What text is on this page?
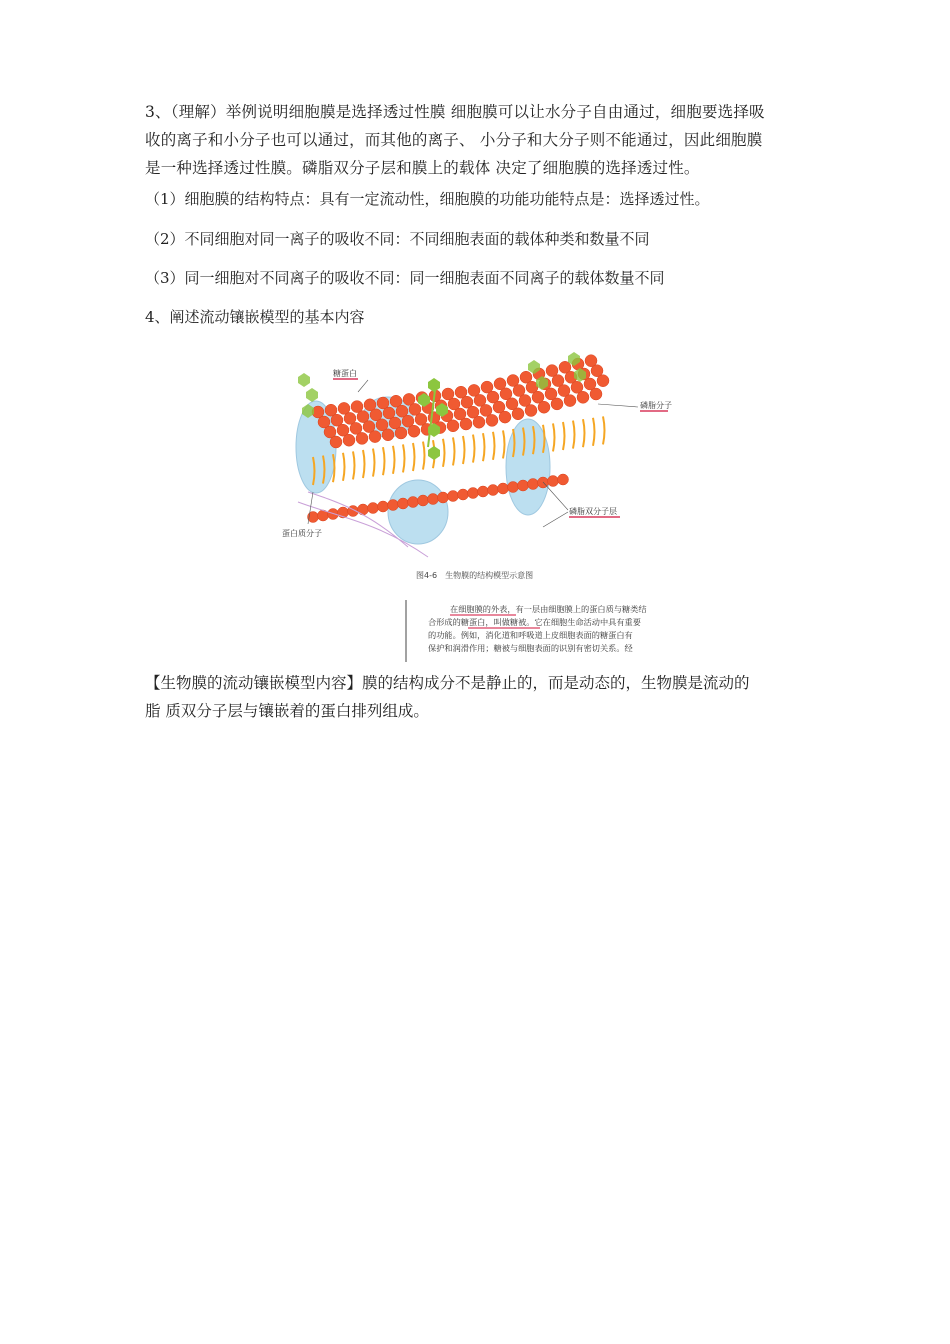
3、（理解）举例说明细胞膜是选择透过性膜 细胞膜可以让水分子自由通过，细胞要选择吸
收的离子和小分子也可以通过，而其他的离子、 小分子和大分子则不能通过，因此细胞膜
是一种选择透过性膜。磷脂双分子层和膜上的载体 决定了细胞膜的选择透过性。
（1）细胞膜的结构特点：具有一定流动性，细胞膜的功能功能特点是：选择透过性。
（2）不同细胞对同一离子的吸收不同：不同细胞表面的载体种类和数量不同
（3）同一细胞对不同离子的吸收不同：同一细胞表面不同离子的载体数量不同
4、阐述流动镶嵌模型的基本内容
糖蛋白
磷脂分子
磷脂双分子层
蛋白质分子
图4-6　生物膜的结构模型示意图
在细胞膜的外表，有一层由细胞膜上的蛋白质与糖类结
合形成的糖蛋白，叫做糖被。它在细胞生命活动中具有重要
的功能。例如，消化道和呼吸道上皮细胞表面的糖蛋白有
保护和润滑作用；糖被与细胞表面的识别有密切关系。经
【生物膜的流动镶嵌模型内容】膜的结构成分不是静止的，而是动态的，生物膜是流动的
脂 质双分子层与镶嵌着的蛋白排列组成。
